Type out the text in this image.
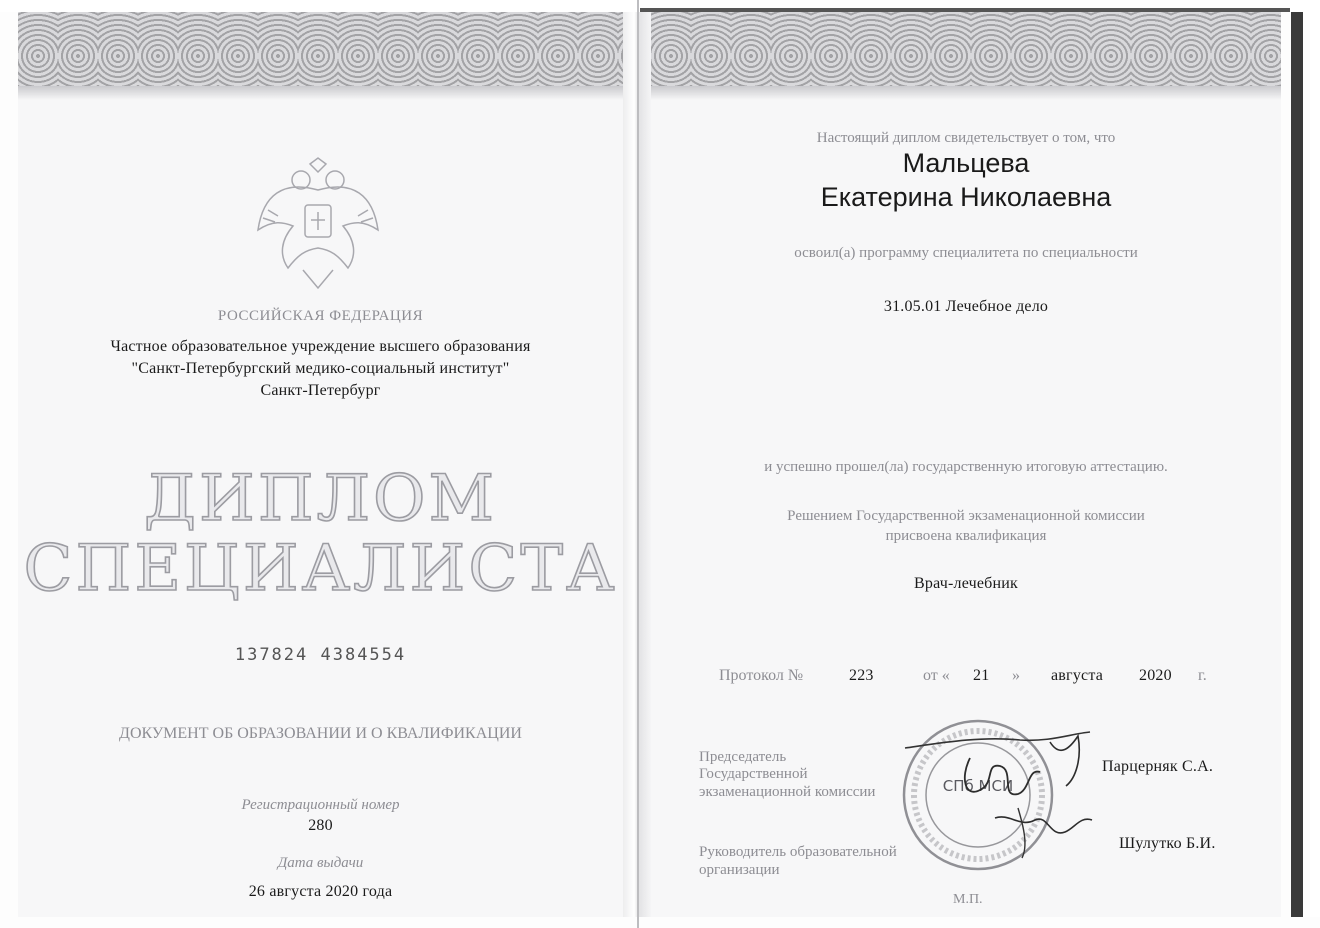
РОССИЙСКАЯ ФЕДЕРАЦИЯ
Частное образовательное учреждение высшего образования
"Санкт-Петербургский медико-социальный институт"
Санкт-Петербург
ДИПЛОМ
СПЕЦИАЛИСТА
137824 4384554
ДОКУМЕНТ ОБ ОБРАЗОВАНИИ И О КВАЛИФИКАЦИИ
Регистрационный номер
280
Дата выдачи
26 августа 2020 года
Настоящий диплом свидетельствует о том, что
Мальцева
Екатерина Николаевна
освоил(а) программу специалитета по специальности
31.05.01 Лечебное дело
и успешно прошел(ла) государственную итоговую аттестацию.
Решением Государственной экзаменационной комиссии
присвоена квалификация
Врач-лечебник
Протокол №	223	от « 21 » августа 2020 г.
Председатель
Государственной
экзаменационной комиссии
Парцерняк С.А.
Руководитель образовательной
организации
Шулутко Б.И.
М.П.
СПб МСИ
